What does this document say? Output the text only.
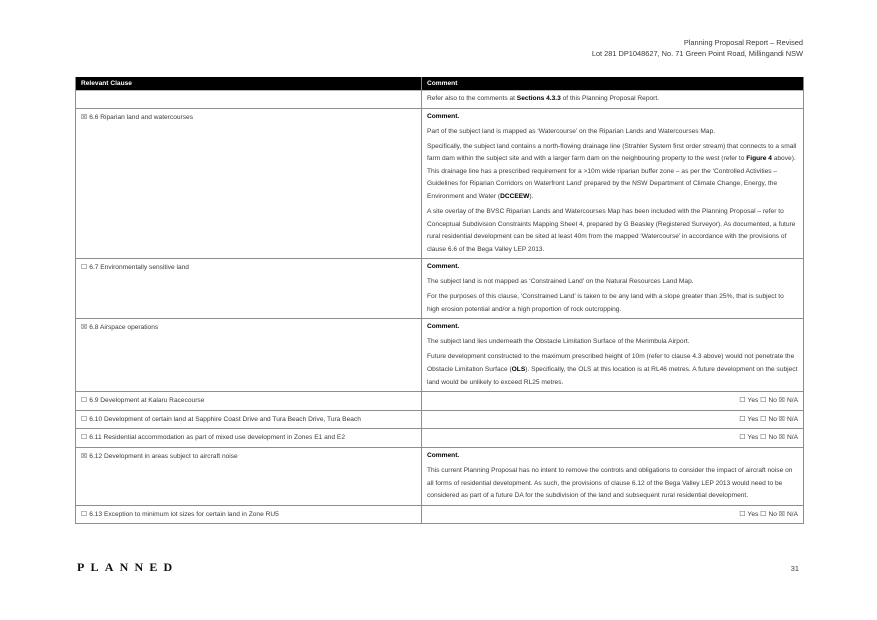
Planning Proposal Report – Revised
Lot 281 DP1048627, No. 71 Green Point Road, Millingandi NSW
Relevant Clause	Comment

	Refer also to the comments at Sections 4.3.3 of this Planning Proposal Report.

☒ 6.6 Riparian land and watercourses	Comment.

Part of the subject land is mapped as ‘Watercourse’ on the Riparian Lands and Watercourses Map.

Specifically, the subject land contains a north-flowing drainage line (Strahler System first order stream) that connects to a small farm dam within the subject site and with a larger farm dam on the neighbouring property to the west (refer to Figure 4 above). This drainage line has a prescribed requirement for a >10m wide riparian buffer zone – as per the ‘Controlled Activities – Guidelines for Riparian Corridors on Waterfront Land’ prepared by the NSW Department of Climate Change, Energy, the Environment and Water (DCCEEW).

A site overlay of the BVSC Riparian Lands and Watercourses Map has been included with the Planning Proposal – refer to Conceptual Subdivision Constraints Mapping Sheet 4, prepared by G Beasley (Registered Surveyor). As documented, a future rural residential development can be sited at least 40m from the mapped ‘Watercourse’ in accordance with the provisions of clause 6.6 of the Bega Valley LEP 2013.

☐ 6.7 Environmentally sensitive land	Comment.

The subject land is not mapped as ‘Constrained Land’ on the Natural Resources Land Map.

For the purposes of this clause, ‘Constrained Land’ is taken to be any land with a slope greater than 25%, that is subject to high erosion potential and/or a high proportion of rock outcropping.

☒ 6.8 Airspace operations	Comment.

The subject land lies underneath the Obstacle Limitation Surface of the Merimbula Airport.

Future development constructed to the maximum prescribed height of 10m (refer to clause 4.3 above) would not penetrate the Obstacle Limitation Surface (OLS). Specifically, the OLS at this location is at RL46 metres. A future development on the subject land would be unlikely to exceed RL25 metres.

☐ 6.9 Development at Kalaru Racecourse	☐ Yes ☐ No ☒ N/A
☐ 6.10 Development of certain land at Sapphire Coast Drive and Tura Beach Drive, Tura Beach	☐ Yes ☐ No ☒ N/A
☐ 6.11 Residential accommodation as part of mixed use development in Zones E1 and E2	☐ Yes ☐ No ☒ N/A
☒ 6.12 Development in areas subject to aircraft noise	Comment.

This current Planning Proposal has no intent to remove the controls and obligations to consider the impact of aircraft noise on all forms of residential development. As such, the provisions of clause 6.12 of the Bega Valley LEP 2013 would need to be considered as part of a future DA for the subdivision of the land and subsequent rural residential development.

☐ 6.13 Exception to minimum lot sizes for certain land in Zone RU5	☐ Yes ☐ No ☒ N/A
PLANNED	31
